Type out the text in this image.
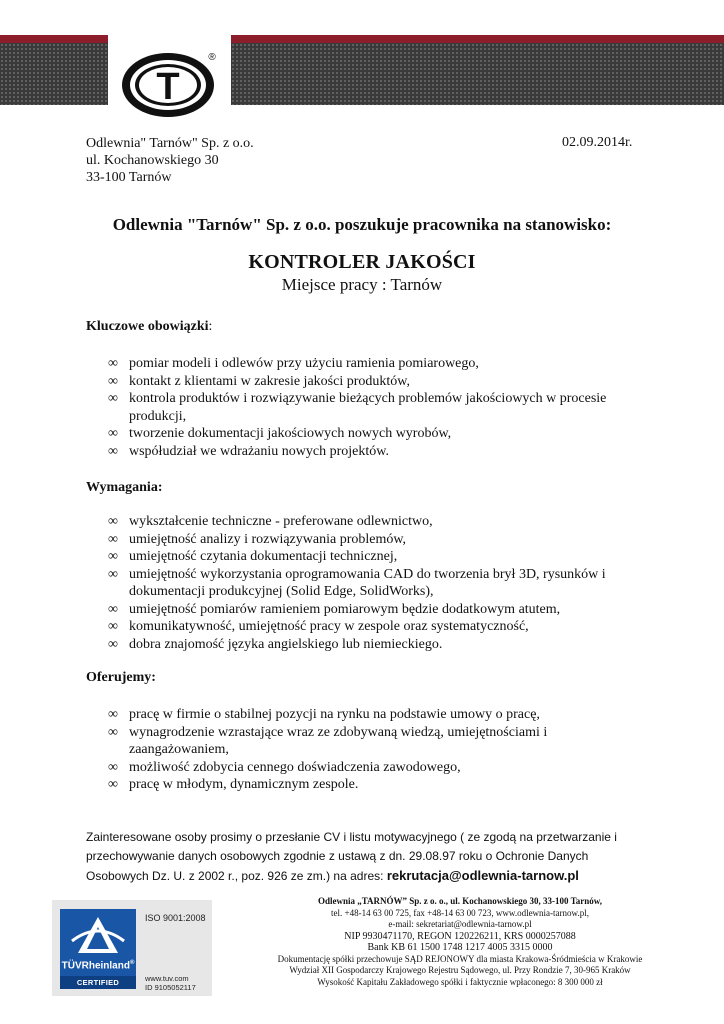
T
®
Odlewnia" Tarnów" Sp. z o.o.
ul. Kochanowskiego 30
33-100 Tarnów
02.09.2014r.
Odlewnia "Tarnów" Sp. z o.o. poszukuje pracownika na stanowisko:
KONTROLER JAKOŚCI
Miejsce pracy : Tarnów
Kluczowe obowiązki:
∞ pomiar modeli i odlewów przy użyciu ramienia pomiarowego,
∞ kontakt z klientami w zakresie jakości produktów,
∞ kontrola produktów i rozwiązywanie bieżących problemów jakościowych w procesie produkcji,
∞ tworzenie dokumentacji jakościowych nowych wyrobów,
∞ współudział we wdrażaniu nowych projektów.
Wymagania:
∞ wykształcenie techniczne - preferowane odlewnictwo,
∞ umiejętność analizy i rozwiązywania problemów,
∞ umiejętność czytania dokumentacji technicznej,
∞ umiejętność wykorzystania oprogramowania CAD do tworzenia brył 3D, rysunków i dokumentacji produkcyjnej (Solid Edge, SolidWorks),
∞ umiejętność pomiarów ramieniem pomiarowym będzie dodatkowym atutem,
∞ komunikatywność, umiejętność pracy w zespole oraz systematyczność,
∞ dobra znajomość języka angielskiego lub niemieckiego.
Oferujemy:
∞ pracę w firmie o stabilnej pozycji na rynku na podstawie umowy o pracę,
∞ wynagrodzenie wzrastające wraz ze zdobywaną wiedzą, umiejętnościami i zaangażowaniem,
∞ możliwość zdobycia cennego doświadczenia zawodowego,
∞ pracę w młodym, dynamicznym zespole.
Zainteresowane osoby prosimy o przesłanie CV i listu motywacyjnego ( ze zgodą na przetwarzanie i przechowywanie danych osobowych zgodnie z ustawą z dn. 29.08.97 roku o Ochronie Danych Osobowych Dz. U. z 2002 r., poz. 926 ze zm.) na adres: rekrutacja@odlewnia-tarnow.pl
TÜVRheinland®
CERTIFIED
ISO 9001:2008
www.tuv.com
ID 9105052117
Odlewnia „TARNÓW” Sp. z o. o., ul. Kochanowskiego 30, 33-100 Tarnów,
tel. +48-14 63 00 725, fax +48-14 63 00 723, www.odlewnia-tarnow.pl,
e-mail: sekretariat@odlewnia-tarnow.pl
NIP 9930471170, REGON 120226211, KRS 0000257088
Bank KB 61 1500 1748 1217 4005 3315 0000
Dokumentację spółki przechowuje SĄD REJONOWY dla miasta Krakowa-Śródmieścia w Krakowie
Wydział XII Gospodarczy Krajowego Rejestru Sądowego, ul. Przy Rondzie 7, 30-965 Kraków
Wysokość Kapitału Zakładowego spółki i faktycznie wpłaconego: 8 300 000 zł
